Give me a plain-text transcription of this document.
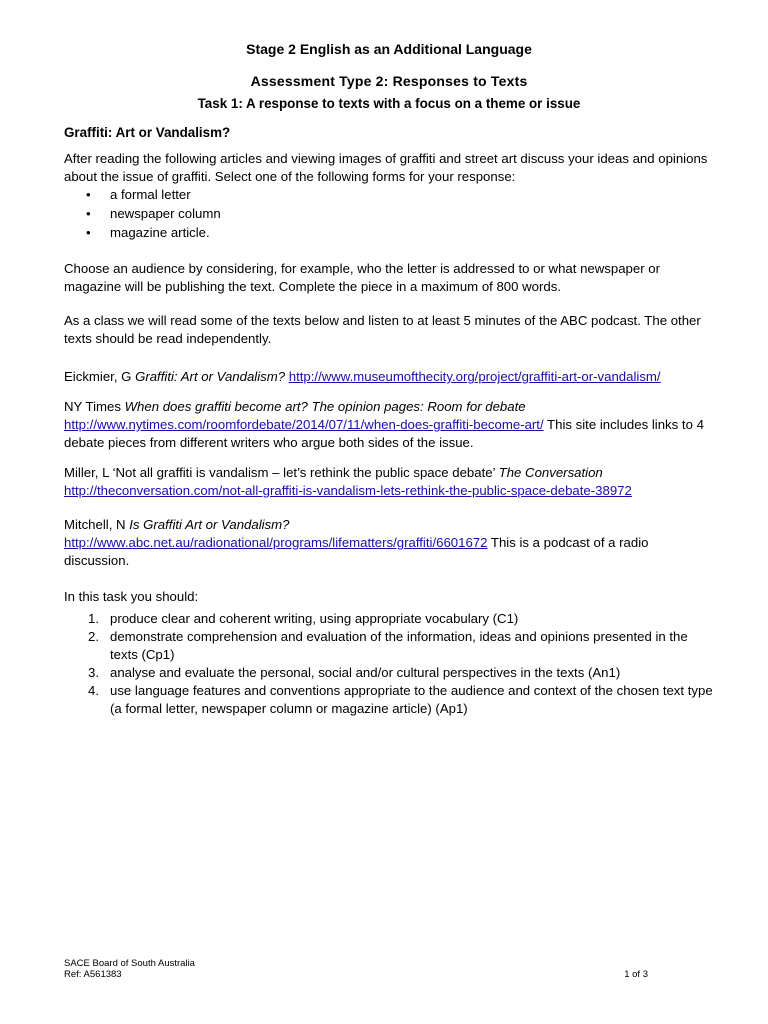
Stage 2 English as an Additional Language
Assessment Type 2: Responses to Texts
Task 1: A response to texts with a focus on a theme or issue
Graffiti: Art or Vandalism?

After reading the following articles and viewing images of graffiti and street art discuss your ideas and opinions about the issue of graffiti. Select one of the following forms for your response:

• a formal letter
• newspaper column
• magazine article.

Choose an audience by considering, for example, who the letter is addressed to or what newspaper or magazine will be publishing the text. Complete the piece in a maximum of 800 words.

As a class we will read some of the texts below and listen to at least 5 minutes of the ABC podcast. The other texts should be read independently.

Eickmier, G Graffiti: Art or Vandalism? http://www.museumofthecity.org/project/graffiti-art-or-vandalism/

NY Times When does graffiti become art? The opinion pages: Room for debate
http://www.nytimes.com/roomfordebate/2014/07/11/when-does-graffiti-become-art/ This site includes links to 4 debate pieces from different writers who argue both sides of the issue.

Miller, L ‘Not all graffiti is vandalism – let’s rethink the public space debate’ The Conversation
http://theconversation.com/not-all-graffiti-is-vandalism-lets-rethink-the-public-space-debate-38972

Mitchell, N Is Graffiti Art or Vandalism?
http://www.abc.net.au/radionational/programs/lifematters/graffiti/6601672 This is a podcast of a radio discussion.

In this task you should:

1. produce clear and coherent writing, using appropriate vocabulary (C1)
2. demonstrate comprehension and evaluation of the information, ideas and opinions presented in the texts (Cp1)
3. analyse and evaluate the personal, social and/or cultural perspectives in the texts (An1)
4. use language features and conventions appropriate to the audience and context of the chosen text type (a formal letter, newspaper column or magazine article) (Ap1)
SACE Board of South Australia
Ref: A561383	1 of 3
